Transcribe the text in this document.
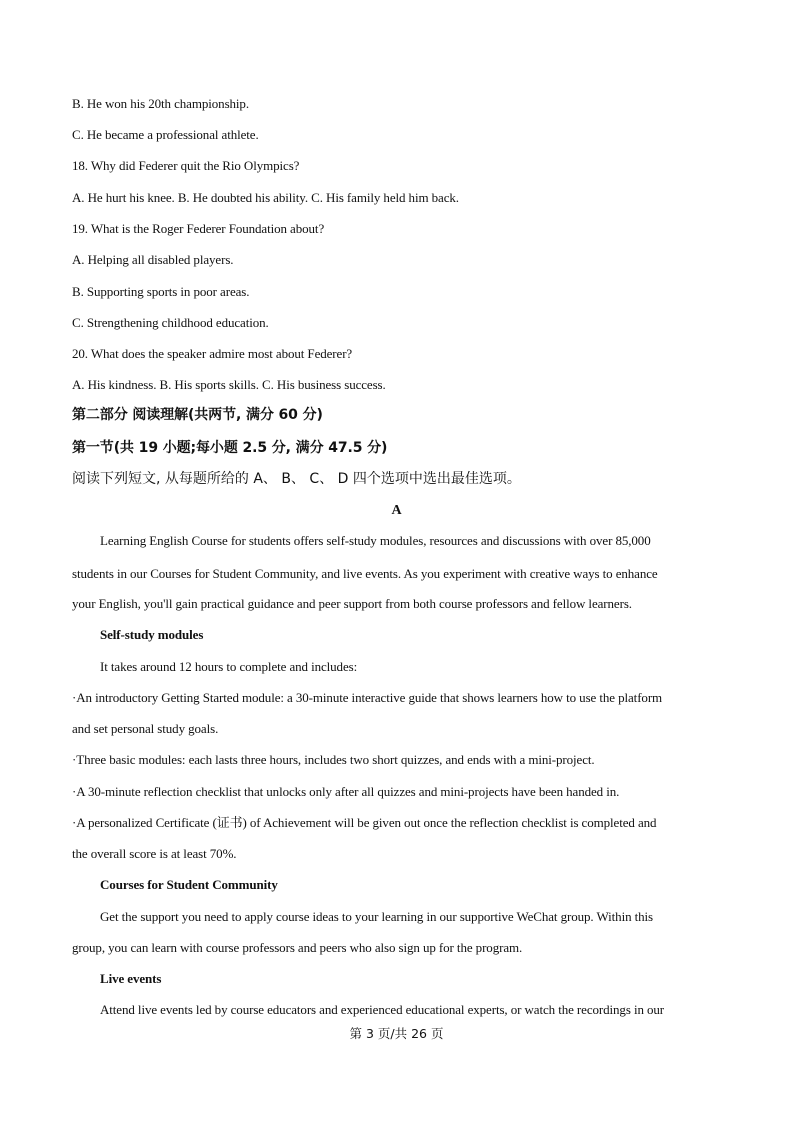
B. He won his 20th championship.
C. He became a professional athlete.
18. Why did Federer quit the Rio Olympics?
A. He hurt his knee. B. He doubted his ability. C. His family held him back.
19. What is the Roger Federer Foundation about?
A. Helping all disabled players.
B. Supporting sports in poor areas.
C. Strengthening childhood education.
20. What does the speaker admire most about Federer?
A. His kindness. B. His sports skills. C. His business success.
第二部分 阅读理解(共两节, 满分 60 分)
第一节(共 19 小题;每小题 2.5 分, 满分 47.5 分)
阅读下列短文, 从每题所给的 A、 B、 C、 D 四个选项中选出最佳选项。
A
Learning English Course for students offers self-study modules, resources and discussions with over 85,000
students in our Courses for Student Community, and live events. As you experiment with creative ways to enhance
your English, you'll gain practical guidance and peer support from both course professors and fellow learners.
Self-study modules
It takes around 12 hours to complete and includes:
·An introductory Getting Started module: a 30-minute interactive guide that shows learners how to use the platform
and set personal study goals.
·Three basic modules: each lasts three hours, includes two short quizzes, and ends with a mini-project.
·A 30-minute reflection checklist that unlocks only after all quizzes and mini-projects have been handed in.
·A personalized Certificate (证书) of Achievement will be given out once the reflection checklist is completed and
the overall score is at least 70%.
Courses for Student Community
Get the support you need to apply course ideas to your learning in our supportive WeChat group. Within this
group, you can learn with course professors and peers who also sign up for the program.
Live events
Attend live events led by course educators and experienced educational experts, or watch the recordings in our
第 3 页/共 26 页
